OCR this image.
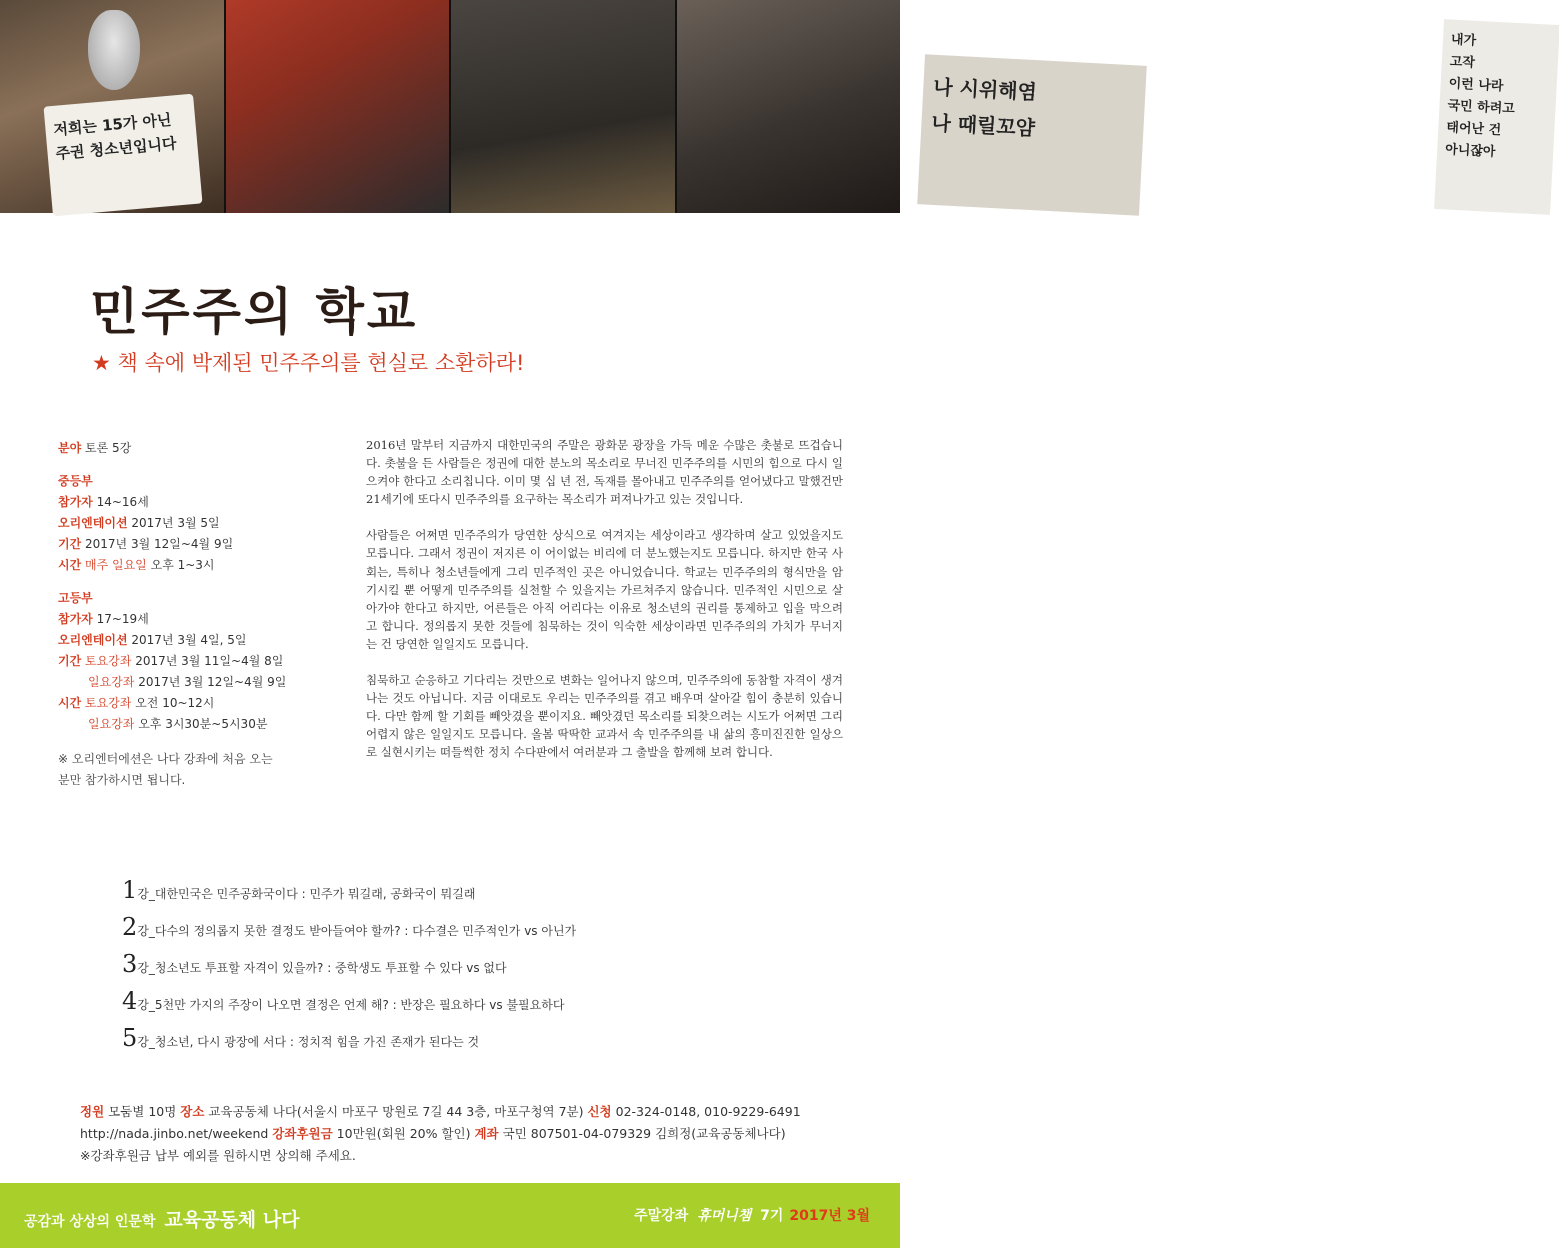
저희는 15가 아닌
주권 청소년입니다
나 시위해염
나 때릴꼬얌
내가
고작
이런 나라
국민 하려고
태어난 건
아니잖아
민주주의 학교
★ 책 속에 박제된 민주주의를 현실로 소환하라!
분야 토론 5강
중등부
참가자 14~16세
오리엔테이션 2017년 3월 5일
기간 2017년 3월 12일~4월 9일
시간 매주 일요일 오후 1~3시
고등부
참가자 17~19세
오리엔테이션 2017년 3월 4일, 5일
기간 토요강좌 2017년 3월 11일~4월 8일
일요강좌 2017년 3월 12일~4월 9일
시간 토요강좌 오전 10~12시
일요강좌 오후 3시30분~5시30분
※ 오리엔터에션은 나다 강좌에 처음 오는
분만 참가하시면 됩니다.

2016년 말부터 지금까지 대한민국의 주말은 광화문 광장을 가득 메운 수많은 촛불로 뜨겁습니다. 촛불을 든 사람들은 정권에 대한 분노의 목소리로 무너진 민주주의를 시민의 힘으로 다시 일으켜야 한다고 소리칩니다. 이미 몇 십 년 전, 독재를 몰아내고 민주주의를 얻어냈다고 말했건만 21세기에 또다시 민주주의를 요구하는 목소리가 퍼져나가고 있는 것입니다.

사람들은 어쩌면 민주주의가 당연한 상식으로 여겨지는 세상이라고 생각하며 살고 있었을지도 모릅니다. 그래서 정권이 저지른 이 어이없는 비리에 더 분노했는지도 모릅니다. 하지만 한국 사회는, 특히나 청소년들에게 그리 민주적인 곳은 아니었습니다. 학교는 민주주의의 형식만을 암기시킬 뿐 어떻게 민주주의를 실천할 수 있을지는 가르쳐주지 않습니다. 민주적인 시민으로 살아가야 한다고 하지만, 어른들은 아직 어리다는 이유로 청소년의 권리를 통제하고 입을 막으려고 합니다. 정의롭지 못한 것들에 침묵하는 것이 익숙한 세상이라면 민주주의의 가치가 무너지는 건 당연한 일일지도 모릅니다.

침묵하고 순응하고 기다리는 것만으로 변화는 일어나지 않으며, 민주주의에 동참할 자격이 생겨나는 것도 아닙니다. 지금 이대로도 우리는 민주주의를 겪고 배우며 살아갈 힘이 충분히 있습니다. 다만 함께 할 기회를 빼앗겼을 뿐이지요. 빼앗겼던 목소리를 되찾으려는 시도가 어쩌면 그리 어렵지 않은 일일지도 모릅니다. 올봄 딱딱한 교과서 속 민주주의를 내 삶의 흥미진진한 일상으로 실현시키는 떠들썩한 정치 수다판에서 여러분과 그 출발을 함께해 보려 합니다.

1 강_ 대한민국은 민주공화국이다 : 민주가 뭐길래, 공화국이 뭐길래
2 강_ 다수의 정의롭지 못한 결정도 받아들여야 할까? : 다수결은 민주적인가 vs 아닌가
3 강_ 청소년도 투표할 자격이 있을까? : 중학생도 투표할 수 있다 vs 없다
4 강_ 5천만 가지의 주장이 나오면 결정은 언제 해? : 반장은 필요하다 vs 불필요하다
5 강_ 청소년, 다시 광장에 서다 : 정치적 힘을 가진 존재가 된다는 것
정원 모둠별 10명 장소 교육공동체 나다(서울시 마포구 망원로 7길 44 3층, 마포구청역 7분) 신청 02-324-0148, 010-9229-6491
http://nada.jinbo.net/weekend 강좌후원금 10만원(회원 20% 할인) 계좌 국민 807501-04-079329 김희정(교육공동체나다)
※강좌후원금 납부 예외를 원하시면 상의해 주세요.
공감과 상상의 인문학 교육공동체 나다	주말강좌 휴머니챔 7기 2017년 3월
